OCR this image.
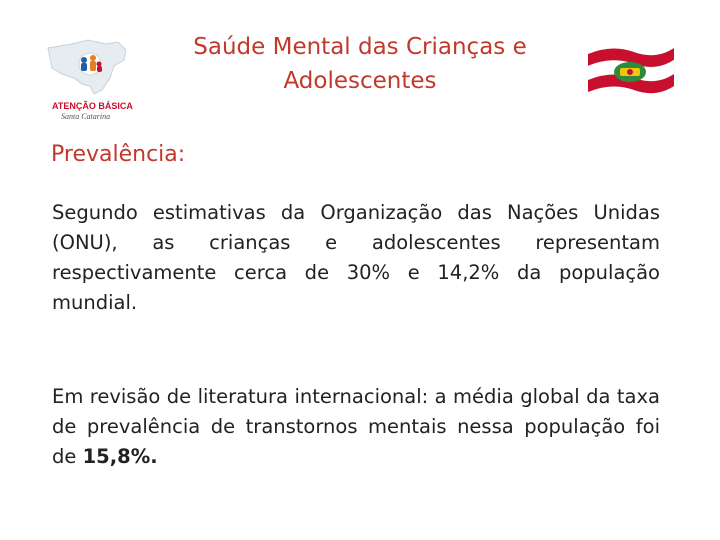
ATENÇÃO BÁSICA
Santa Catarina
Saúde Mental das Crianças e
Adolescentes
Prevalência:
Segundo estimativas da Organização das Nações Unidas (ONU), as crianças e adolescentes representam respectivamente cerca de 30% e 14,2% da população mundial.
Em revisão de literatura internacional: a média global da taxa de prevalência de transtornos mentais nessa população foi de 15,8%.
